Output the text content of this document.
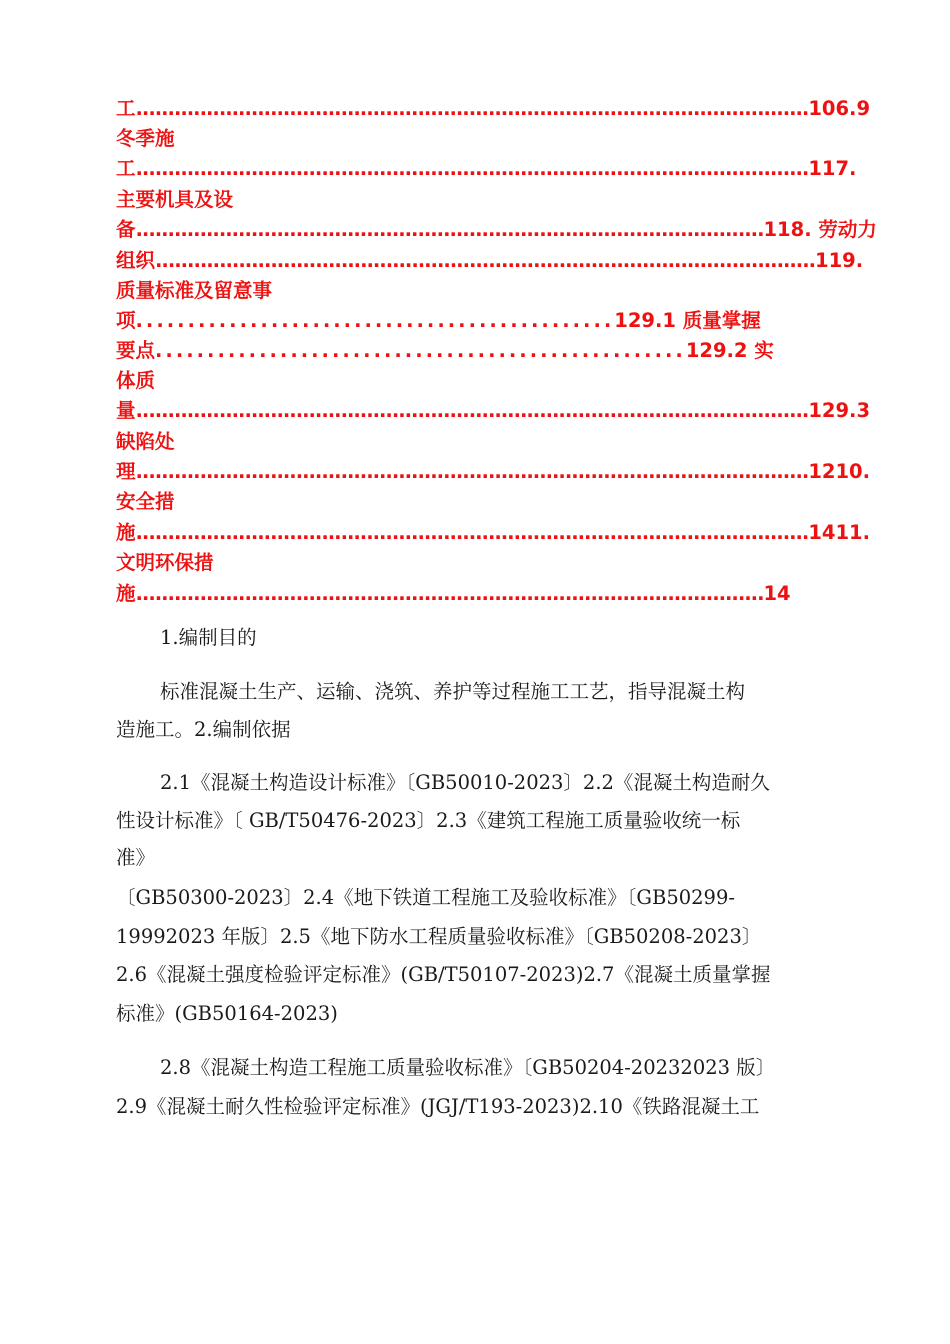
工.........................................................................................................106.9
冬季施
工.........................................................................................................117.
主要机具及设
备..................................................................................................118. 劳动力
组织.......................................................................................................119.
质量标准及留意事
项..............................................129.1 质量掌握
要点...................................................129.2 实
体质
量.........................................................................................................129.3
缺陷处
理.........................................................................................................1210.
安全措
施.........................................................................................................1411.
文明环保措
施..................................................................................................14
1.编制目的
标准混凝土生产、运输、浇筑、养护等过程施工工艺，指导混凝土构
造施工。2.编制依据
2.1《混凝土构造设计标准》〔GB50010-2023〕2.2《混凝土构造耐久
性设计标准》〔 GB/T50476-2023〕2.3《建筑工程施工质量验收统一标
准》
〔GB50300-2023〕2.4《地下铁道工程施工及验收标准》〔GB50299-
19992023 年版〕2.5《地下防水工程质量验收标准》〔GB50208-2023〕
2.6《混凝土强度检验评定标准》(GB/T50107-2023)2.7《混凝土质量掌握
标准》(GB50164-2023)
2.8《混凝土构造工程施工质量验收标准》〔GB50204-20232023 版〕
2.9《混凝土耐久性检验评定标准》(JGJ/T193-2023)2.10《铁路混凝土工
